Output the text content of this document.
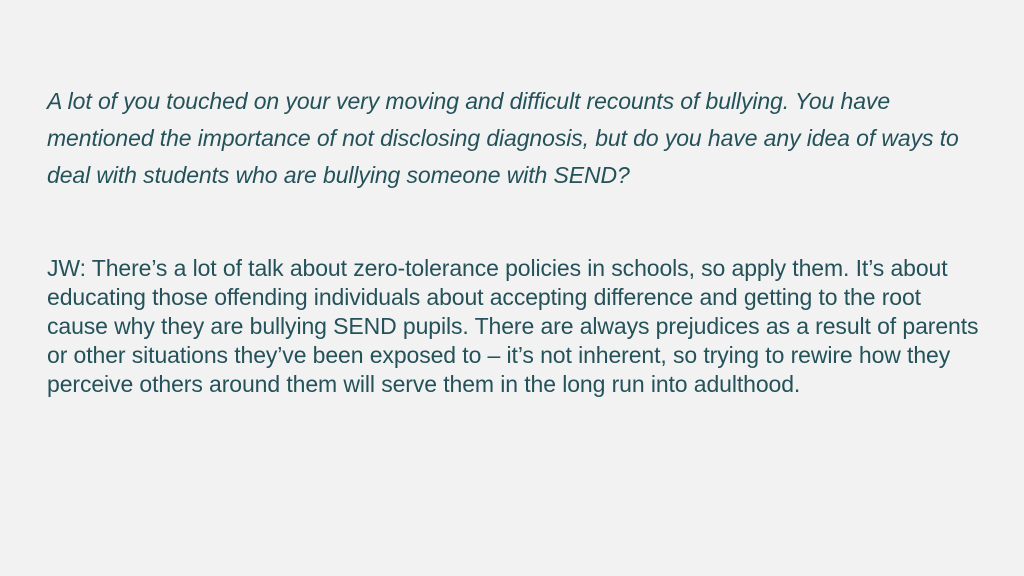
A lot of you touched on your very moving and difficult recounts of bullying. You have mentioned the importance of not disclosing diagnosis, but do you have any idea of ways to deal with students who are bullying someone with SEND?

JW: There’s a lot of talk about zero-tolerance policies in schools, so apply them. It’s about educating those offending individuals about accepting difference and getting to the root cause why they are bullying SEND pupils. There are always prejudices as a result of parents or other situations they’ve been exposed to – it’s not inherent, so trying to rewire how they perceive others around them will serve them in the long run into adulthood.
